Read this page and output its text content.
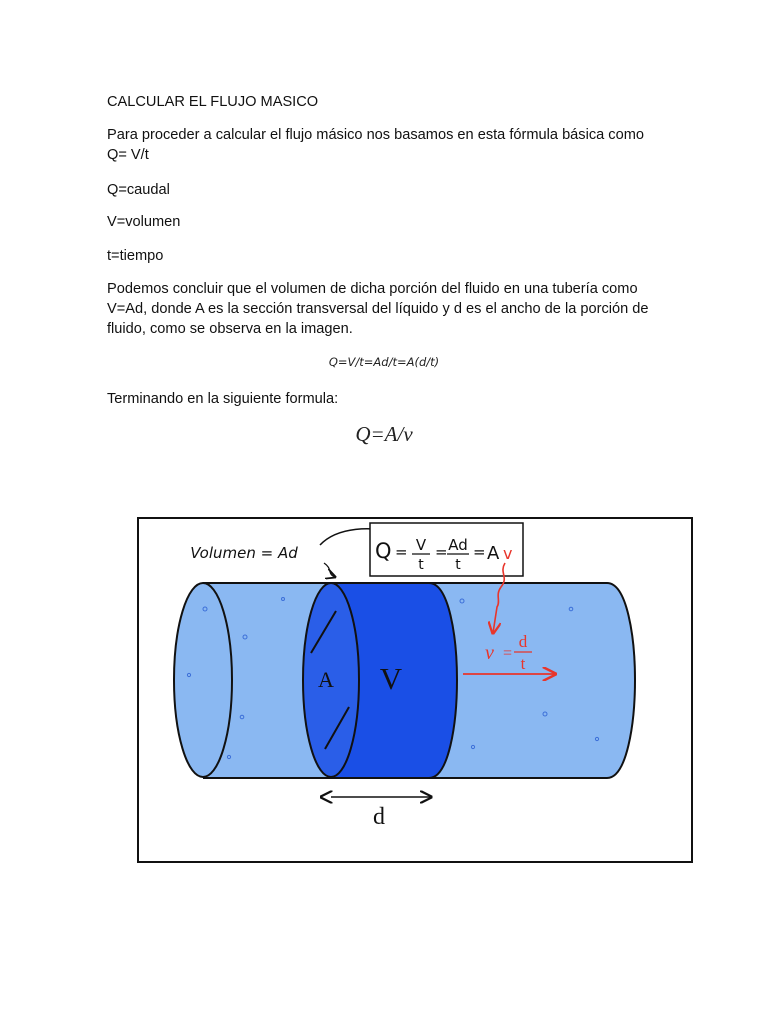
CALCULAR EL FLUJO MASICO

Para proceder a calcular el flujo másico nos basamos en esta fórmula básica como Q= V/t

Q=caudal

V=volumen

t=tiempo

Podemos concluir que el volumen de dicha porción del fluido en una tubería como V=Ad, donde A es la sección transversal del líquido y d es el ancho de la porción de fluido, como se observa en la imagen.

Q=V/t=Ad/t=A(d/t)

Terminando en la siguiente formula:

Q=A/v
A V
Volumen = Ad	Q = V
t
= Ad
t
= A v
v =
d
t
d
